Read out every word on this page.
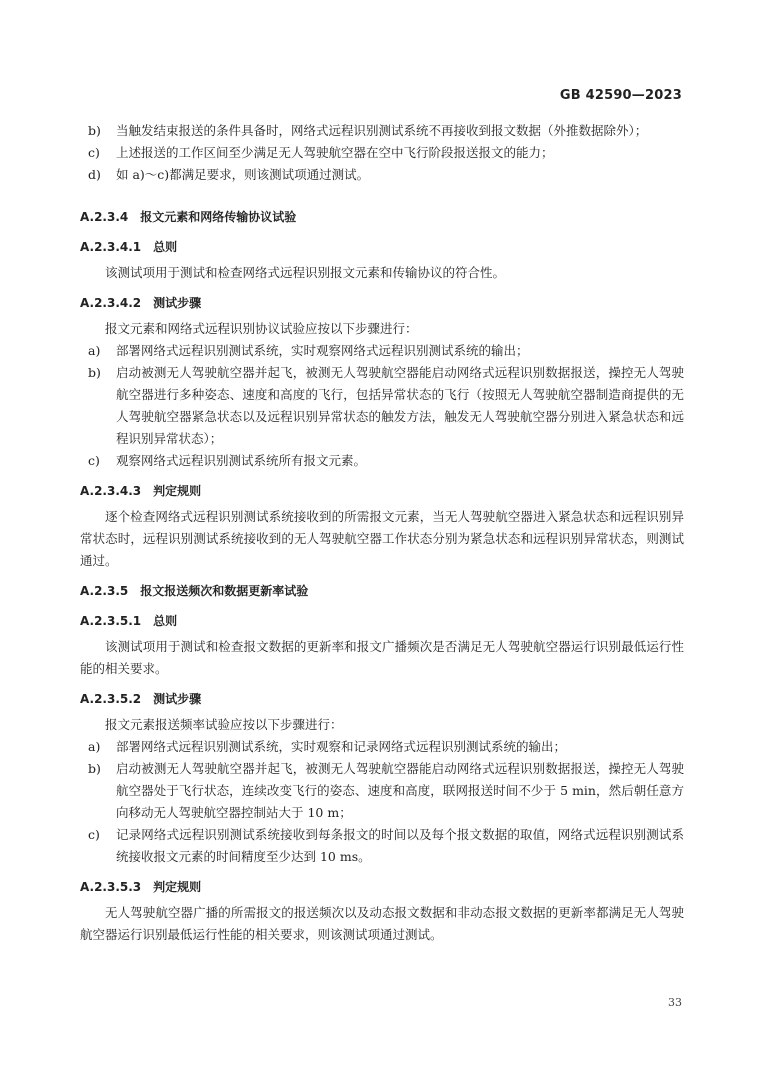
GB 42590—2023
b)	当触发结束报送的条件具备时，网络式远程识别测试系统不再接收到报文数据（外推数据除外）；
c)	上述报送的工作区间至少满足无人驾驶航空器在空中飞行阶段报送报文的能力；
d)	如 a)～c)都满足要求，则该测试项通过测试。
A.2.3.4 报文元素和网络传输协议试验
A.2.3.4.1 总则
该测试项用于测试和检查网络式远程识别报文元素和传输协议的符合性。
A.2.3.4.2 测试步骤
报文元素和网络式远程识别协议试验应按以下步骤进行：
a)	部署网络式远程识别测试系统，实时观察网络式远程识别测试系统的输出；
b)	启动被测无人驾驶航空器并起飞，被测无人驾驶航空器能启动网络式远程识别数据报送，操控无人驾驶航空器进行多种姿态、速度和高度的飞行，包括异常状态的飞行（按照无人驾驶航空器制造商提供的无人驾驶航空器紧急状态以及远程识别异常状态的触发方法，触发无人驾驶航空器分别进入紧急状态和远程识别异常状态）；
c)	观察网络式远程识别测试系统所有报文元素。
A.2.3.4.3 判定规则
逐个检查网络式远程识别测试系统接收到的所需报文元素，当无人驾驶航空器进入紧急状态和远程识别异常状态时，远程识别测试系统接收到的无人驾驶航空器工作状态分别为紧急状态和远程识别异常状态，则测试通过。
A.2.3.5 报文报送频次和数据更新率试验
A.2.3.5.1 总则
该测试项用于测试和检查报文数据的更新率和报文广播频次是否满足无人驾驶航空器运行识别最低运行性能的相关要求。
A.2.3.5.2 测试步骤
报文元素报送频率试验应按以下步骤进行：
a)	部署网络式远程识别测试系统，实时观察和记录网络式远程识别测试系统的输出；
b)	启动被测无人驾驶航空器并起飞，被测无人驾驶航空器能启动网络式远程识别数据报送，操控无人驾驶航空器处于飞行状态，连续改变飞行的姿态、速度和高度，联网报送时间不少于 5 min，然后朝任意方向移动无人驾驶航空器控制站大于 10 m；
c)	记录网络式远程识别测试系统接收到每条报文的时间以及每个报文数据的取值，网络式远程识别测试系统接收报文元素的时间精度至少达到 10 ms。
A.2.3.5.3 判定规则
无人驾驶航空器广播的所需报文的报送频次以及动态报文数据和非动态报文数据的更新率都满足无人驾驶航空器运行识别最低运行性能的相关要求，则该测试项通过测试。
33
